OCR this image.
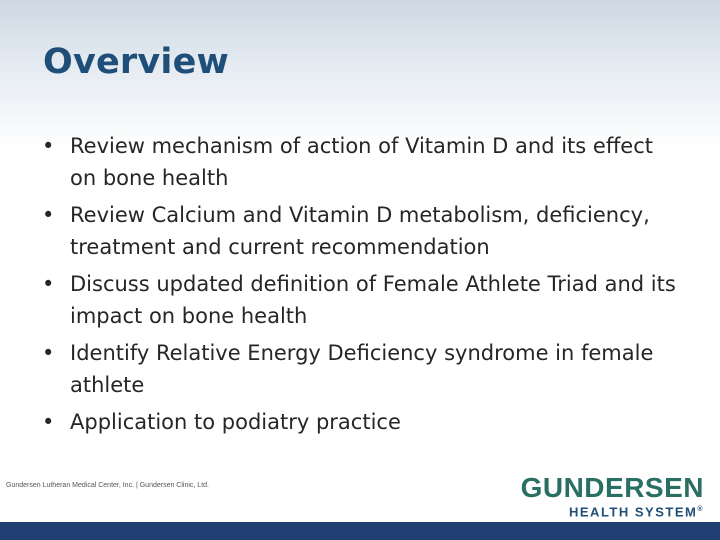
Overview
• Review mechanism of action of Vitamin D and its effect on bone health
• Review Calcium and Vitamin D metabolism, deficiency, treatment and current recommendation
• Discuss updated definition of Female Athlete Triad and its impact on bone health
• Identify Relative Energy Deficiency syndrome in female athlete
• Application to podiatry practice
Gundersen Lutheran Medical Center, Inc. | Gundersen Clinic, Ltd.	GUNDERSEN
HEALTH SYSTEM®
